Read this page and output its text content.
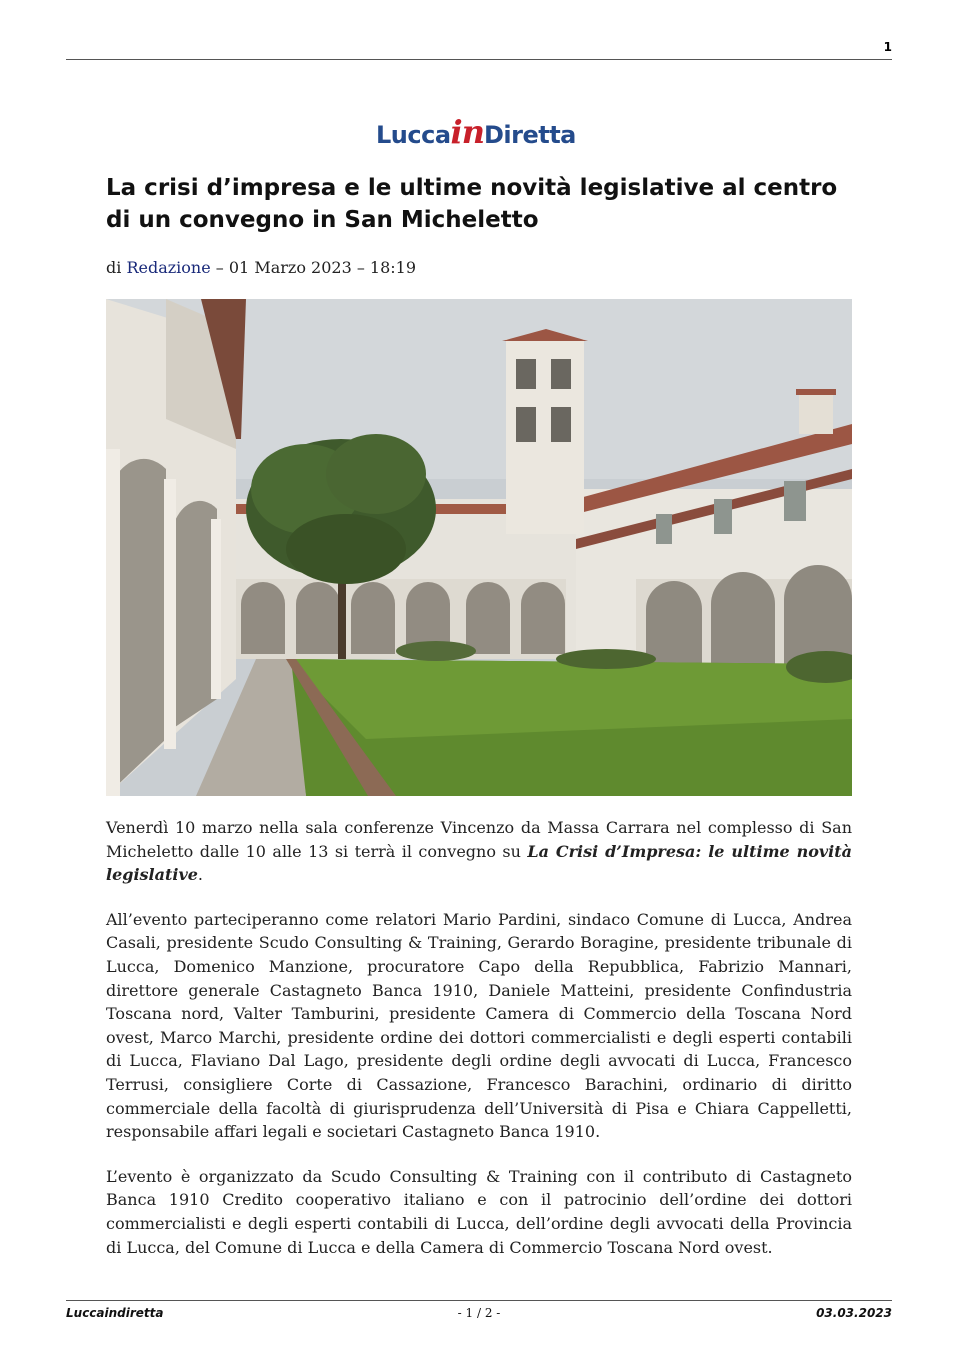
1
LuccainDiretta
La crisi d’impresa e le ultime novità legislative al centro di un convegno in San Micheletto
di Redazione – 01 Marzo 2023 – 18:19

Venerdì 10 marzo nella sala conferenze Vincenzo da Massa Carrara nel complesso di San Micheletto dalle 10 alle 13 si terrà il convegno su La Crisi d’Impresa: le ultime novità legislative.

All’evento parteciperanno come relatori Mario Pardini, sindaco Comune di Lucca, Andrea Casali, presidente Scudo Consulting & Training, Gerardo Boragine, presidente tribunale di Lucca, Domenico Manzione, procuratore Capo della Repubblica, Fabrizio Mannari, direttore generale Castagneto Banca 1910, Daniele Matteini, presidente Confindustria Toscana nord, Valter Tamburini, presidente Camera di Commercio della Toscana Nord ovest, Marco Marchi, presidente ordine dei dottori commercialisti e degli esperti contabili di Lucca, Flaviano Dal Lago, presidente degli ordine degli avvocati di Lucca, Francesco Terrusi, consigliere Corte di Cassazione, Francesco Barachini, ordinario di diritto commerciale della facoltà di giurisprudenza dell’Università di Pisa e Chiara Cappelletti, responsabile affari legali e societari Castagneto Banca 1910.

L’evento è organizzato da Scudo Consulting & Training con il contributo di Castagneto Banca 1910 Credito cooperativo italiano e con il patrocinio dell’ordine dei dottori commercialisti e degli esperti contabili di Lucca, dell’ordine degli avvocati della Provincia di Lucca, del Comune di Lucca e della Camera di Commercio Toscana Nord ovest.

Luccaindiretta	- 1 / 2 -	03.03.2023
